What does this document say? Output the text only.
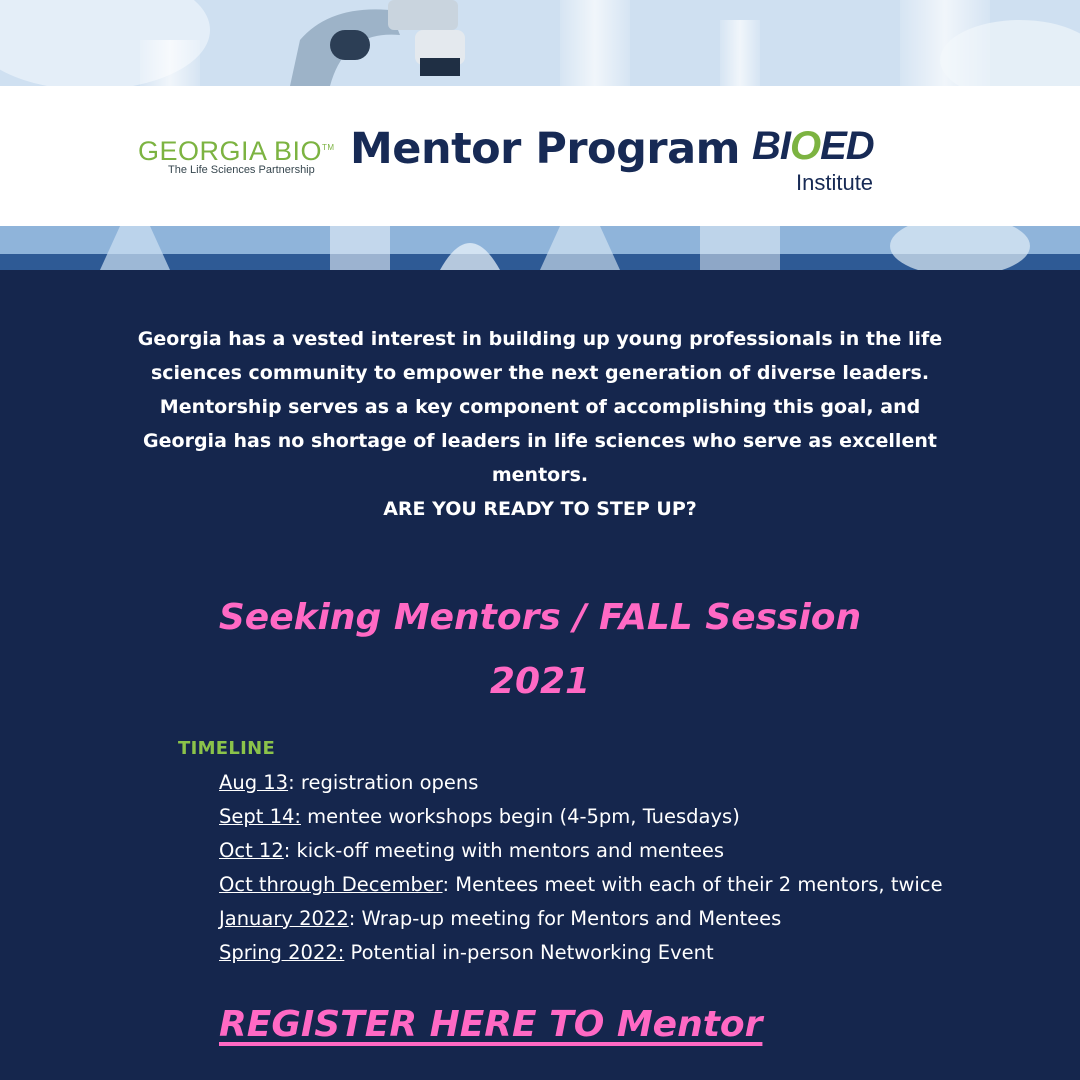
GEORGIA BIO™
The Life Sciences Partnership Mentor Program BIOED
Institute

Georgia has a vested interest in building up young professionals in the life sciences community to empower the next generation of diverse leaders. Mentorship serves as a key component of accomplishing this goal, and Georgia has no shortage of leaders in life sciences who serve as excellent mentors.

ARE YOU READY TO STEP UP?
Seeking Mentors / FALL Session
2021
TIMELINE
Aug 13: registration opens
Sept 14: mentee workshops begin (4-5pm, Tuesdays)
Oct 12: kick-off meeting with mentors and mentees
Oct through December: Mentees meet with each of their 2 mentors, twice
January 2022: Wrap-up meeting for Mentors and Mentees
Spring 2022: Potential in-person Networking Event
REGISTER HERE TO Mentor
